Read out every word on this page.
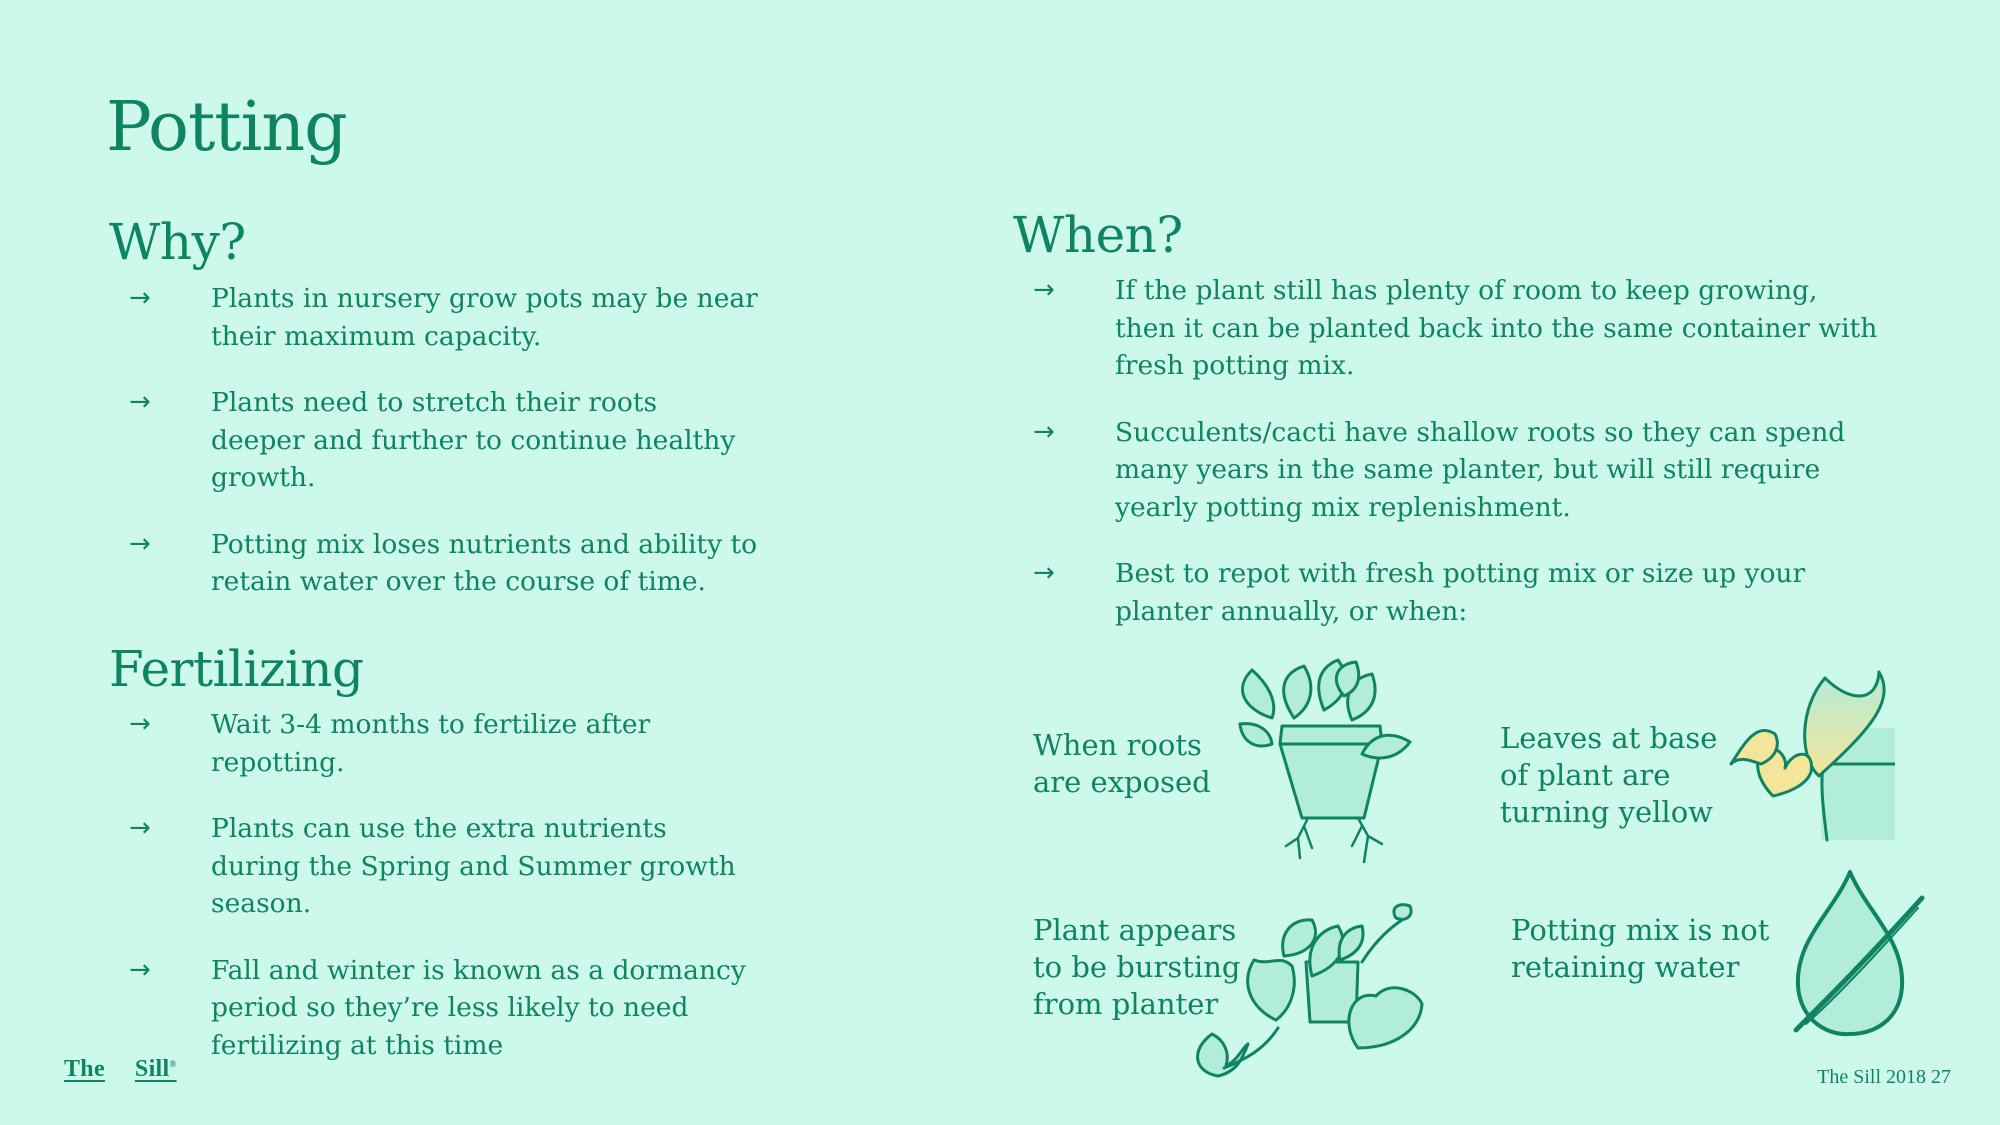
Potting
Why?
→ Plants in nursery grow pots may be near their maximum capacity.
→ Plants need to stretch their roots deeper and further to continue healthy growth.
→ Potting mix loses nutrients and ability to retain water over the course of time.
Fertilizing
→ Wait 3-4 months to fertilize after repotting.
→ Plants can use the extra nutrients during the Spring and Summer growth season.
→ Fall and winter is known as a dormancy period so they’re less likely to need fertilizing at this time
When?
→ If the plant still has plenty of room to keep growing, then it can be planted back into the same container with fresh potting mix.
→ Succulents/cacti have shallow roots so they can spend many years in the same planter, but will still require yearly potting mix replenishment.
→ Best to repot with fresh potting mix or size up your planter annually, or when:
When roots
are exposed
Leaves at base
of plant are
turning yellow
Plant appears
to be bursting
from planter
Potting mix is not
retaining water
The Sill®
The Sill 2018 27
